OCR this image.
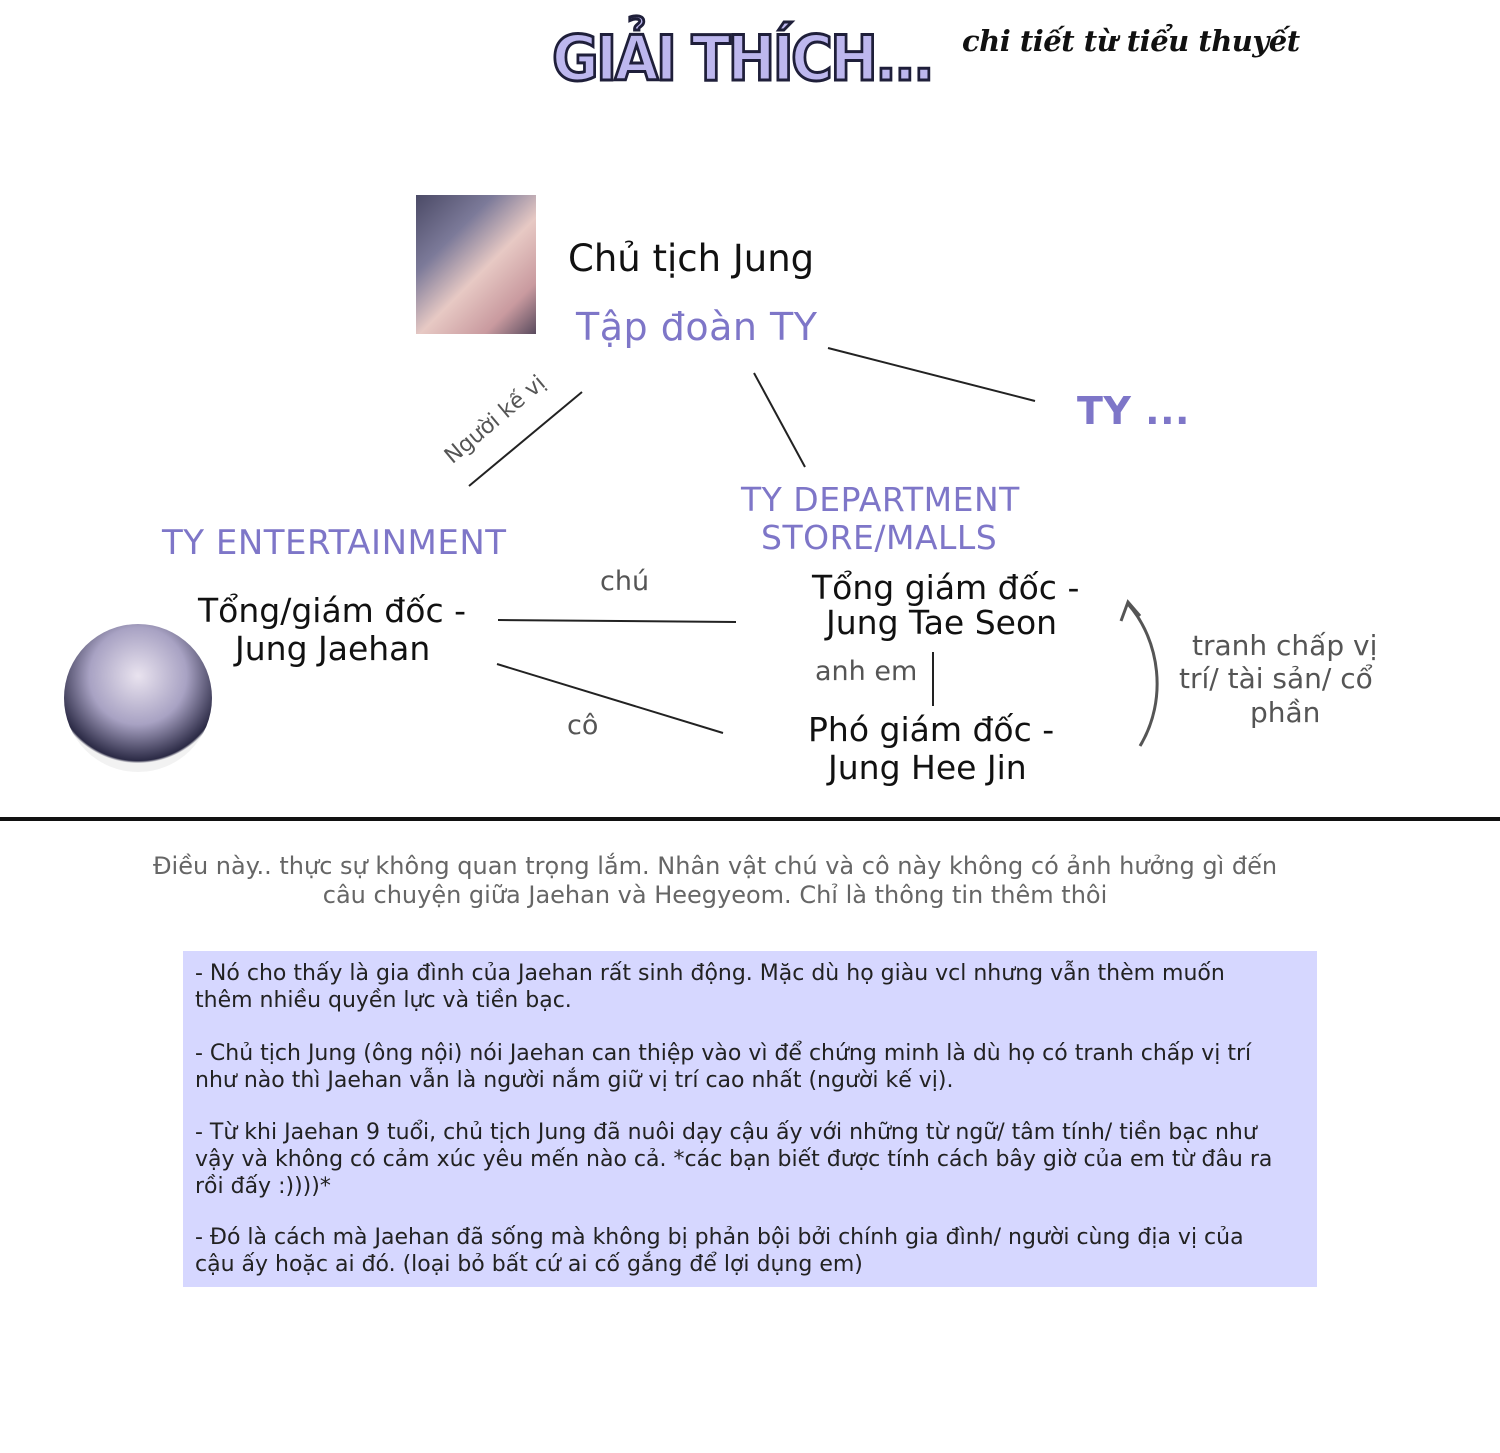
GIẢI THÍCH... chi tiết từ tiểu thuyết
Chủ tịch Jung
Tập đoàn TY
TY ...
Người kế vị
TY ENTERTAINMENT
Tổng/giám đốc -
Jung Jaehan
TY DEPARTMENT
STORE/MALLS
Tổng giám đốc -
Jung Tae Seon
Phó giám đốc -
Jung Hee Jin
chú
cô
anh em
tranh chấp vị
trí/ tài sản/ cổ
phần
Điều này.. thực sự không quan trọng lắm. Nhân vật chú và cô này không có ảnh hưởng gì đến
câu chuyện giữa Jaehan và Heegyeom. Chỉ là thông tin thêm thôi
- Nó cho thấy là gia đình của Jaehan rất sinh động. Mặc dù họ giàu vcl nhưng vẫn thèm muốn thêm nhiều quyền lực và tiền bạc.
- Chủ tịch Jung (ông nội) nói Jaehan can thiệp vào vì để chứng minh là dù họ có tranh chấp vị trí như nào thì Jaehan vẫn là người nắm giữ vị trí cao nhất (người kế vị).
- Từ khi Jaehan 9 tuổi, chủ tịch Jung đã nuôi dạy cậu ấy với những từ ngữ/ tâm tính/ tiền bạc như vậy và không có cảm xúc yêu mến nào cả. *các bạn biết được tính cách bây giờ của em từ đâu ra rồi đấy :))))*
- Đó là cách mà Jaehan đã sống mà không bị phản bội bởi chính gia đình/ người cùng địa vị của cậu ấy hoặc ai đó. (loại bỏ bất cứ ai cố gắng để lợi dụng em)
